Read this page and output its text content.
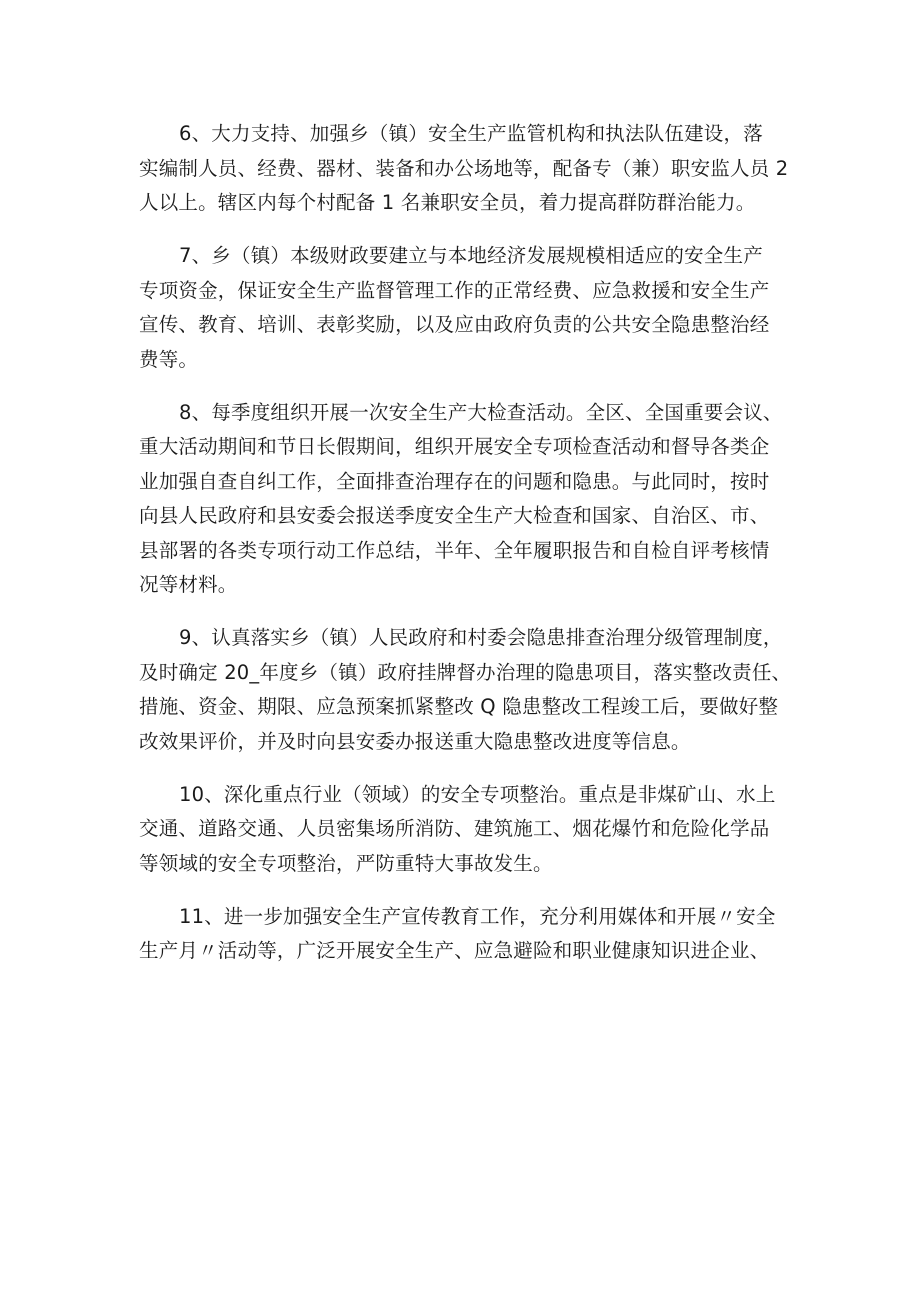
6、大力支持、加强乡（镇）安全生产监管机构和执法队伍建设，落
实编制人员、经费、器材、装备和办公场地等，配备专（兼）职安监人员 2
人以上。辖区内每个村配备 1 名兼职安全员，着力提高群防群治能力。

7、乡（镇）本级财政要建立与本地经济发展规模相适应的安全生产
专项资金，保证安全生产监督管理工作的正常经费、应急救援和安全生产
宣传、教育、培训、表彰奖励，以及应由政府负责的公共安全隐患整治经
费等。

8、每季度组织开展一次安全生产大检查活动。全区、全国重要会议、
重大活动期间和节日长假期间，组织开展安全专项检查活动和督导各类企
业加强自查自纠工作，全面排查治理存在的问题和隐患。与此同时，按时
向县人民政府和县安委会报送季度安全生产大检查和国家、自治区、市、
县部署的各类专项行动工作总结，半年、全年履职报告和自检自评考核情
况等材料。

9、认真落实乡（镇）人民政府和村委会隐患排查治理分级管理制度，
及时确定 20_年度乡（镇）政府挂牌督办治理的隐患项目，落实整改责任、
措施、资金、期限、应急预案抓紧整改 Q 隐患整改工程竣工后，要做好整
改效果评价，并及时向县安委办报送重大隐患整改进度等信息。

10、深化重点行业（领域）的安全专项整治。重点是非煤矿山、水上
交通、道路交通、人员密集场所消防、建筑施工、烟花爆竹和危险化学品
等领域的安全专项整治，严防重特大事故发生。

11、进一步加强安全生产宣传教育工作，充分利用媒体和开展〃安全
生产月〃活动等，广泛开展安全生产、应急避险和职业健康知识进企业、
